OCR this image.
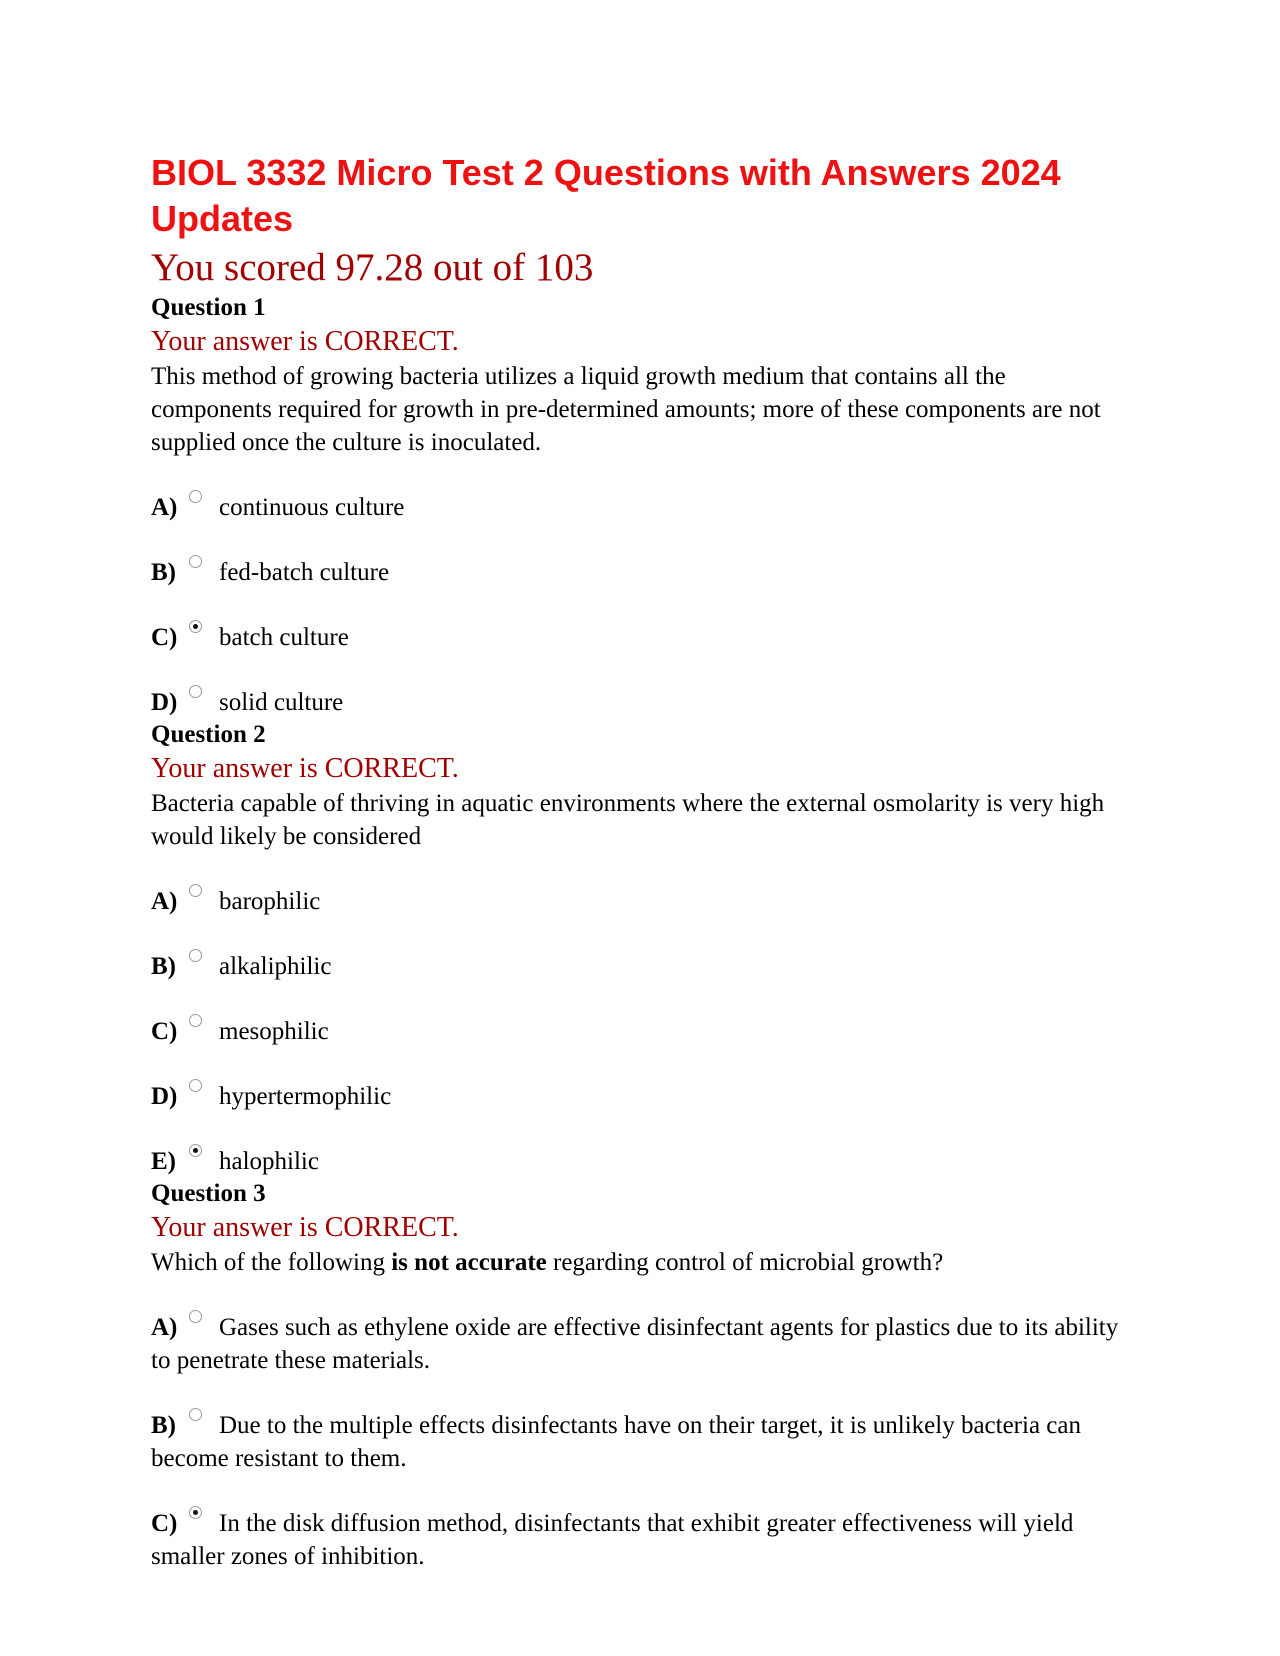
BIOL 3332 Micro Test 2 Questions with Answers 2024 Updates
You scored 97.28 out of 103
Question 1
Your answer is CORRECT.
This method of growing bacteria utilizes a liquid growth medium that contains all the components required for growth in pre-determined amounts; more of these components are not supplied once the culture is inoculated.
A) continuous culture
B) fed-batch culture
C) batch culture
D) solid culture
Question 2
Your answer is CORRECT.
Bacteria capable of thriving in aquatic environments where the external osmolarity is very high would likely be considered
A) barophilic
B) alkaliphilic
C) mesophilic
D) hypertermophilic
E) halophilic
Question 3
Your answer is CORRECT.
Which of the following is not accurate regarding control of microbial growth?
A) Gases such as ethylene oxide are effective disinfectant agents for plastics due to its ability to penetrate these materials.
B) Due to the multiple effects disinfectants have on their target, it is unlikely bacteria can become resistant to them.
C) In the disk diffusion method, disinfectants that exhibit greater effectiveness will yield smaller zones of inhibition.
